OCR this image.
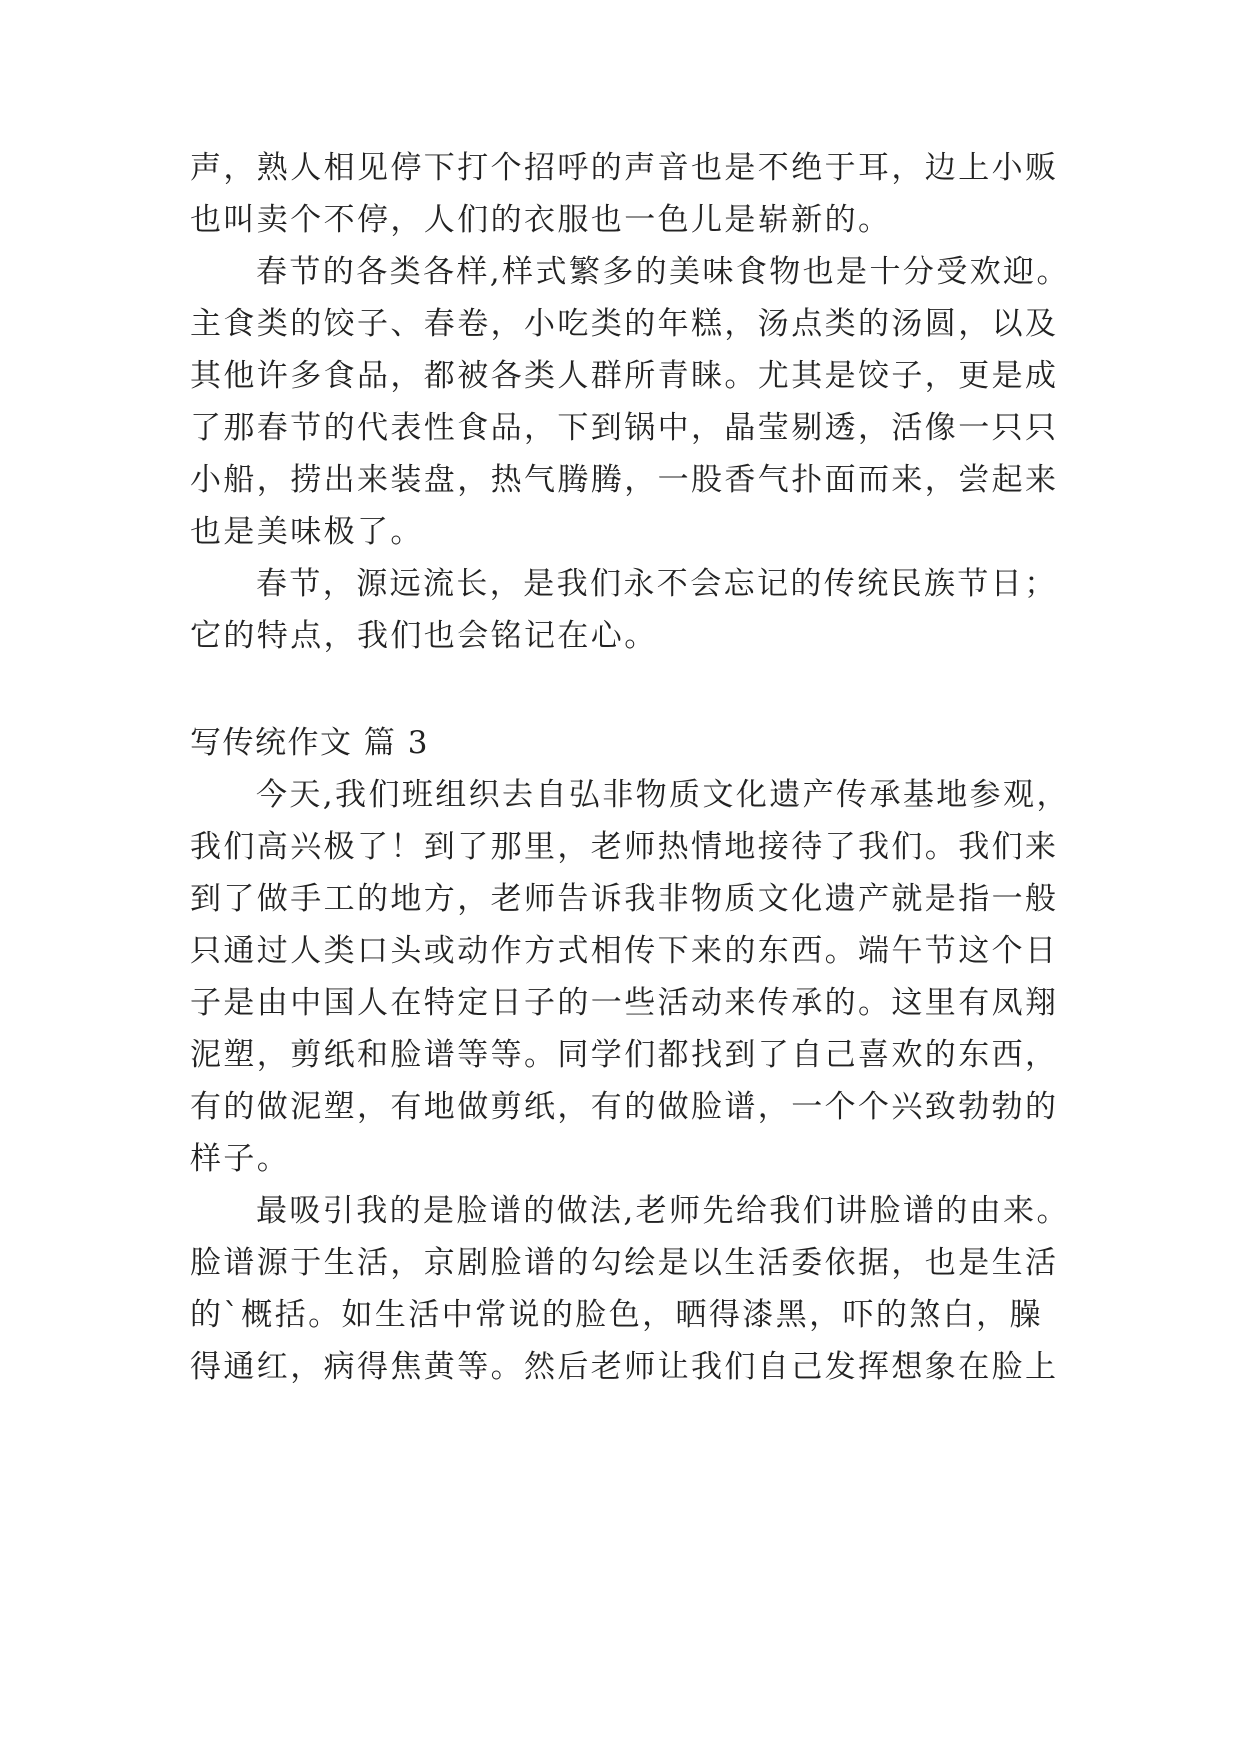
声，熟人相见停下打个招呼的声音也是不绝于耳，边上小贩

也叫卖个不停，人们的衣服也一色儿是崭新的。

春节的各类各样,样式繁多的美味食物也是十分受欢迎。

主食类的饺子、春卷，小吃类的年糕，汤点类的汤圆，以及

其他许多食品，都被各类人群所青睐。尤其是饺子，更是成

了那春节的代表性食品，下到锅中，晶莹剔透，活像一只只

小船，捞出来装盘，热气腾腾，一股香气扑面而来，尝起来

也是美味极了。

春节，源远流长，是我们永不会忘记的传统民族节日；

它的特点，我们也会铭记在心。

写传统作文 篇 3

今天,我们班组织去自弘非物质文化遗产传承基地参观，

我们高兴极了！到了那里，老师热情地接待了我们。我们来

到了做手工的地方，老师告诉我非物质文化遗产就是指一般

只通过人类口头或动作方式相传下来的东西。端午节这个日

子是由中国人在特定日子的一些活动来传承的。这里有凤翔

泥塑，剪纸和脸谱等等。同学们都找到了自己喜欢的东西，

有的做泥塑，有地做剪纸，有的做脸谱，一个个兴致勃勃的

样子。

最吸引我的是脸谱的做法,老师先给我们讲脸谱的由来。

脸谱源于生活，京剧脸谱的勾绘是以生活委依据，也是生活

的`概括。如生活中常说的脸色，晒得漆黑，吓的煞白，臊

得通红，病得焦黄等。然后老师让我们自己发挥想象在脸上
